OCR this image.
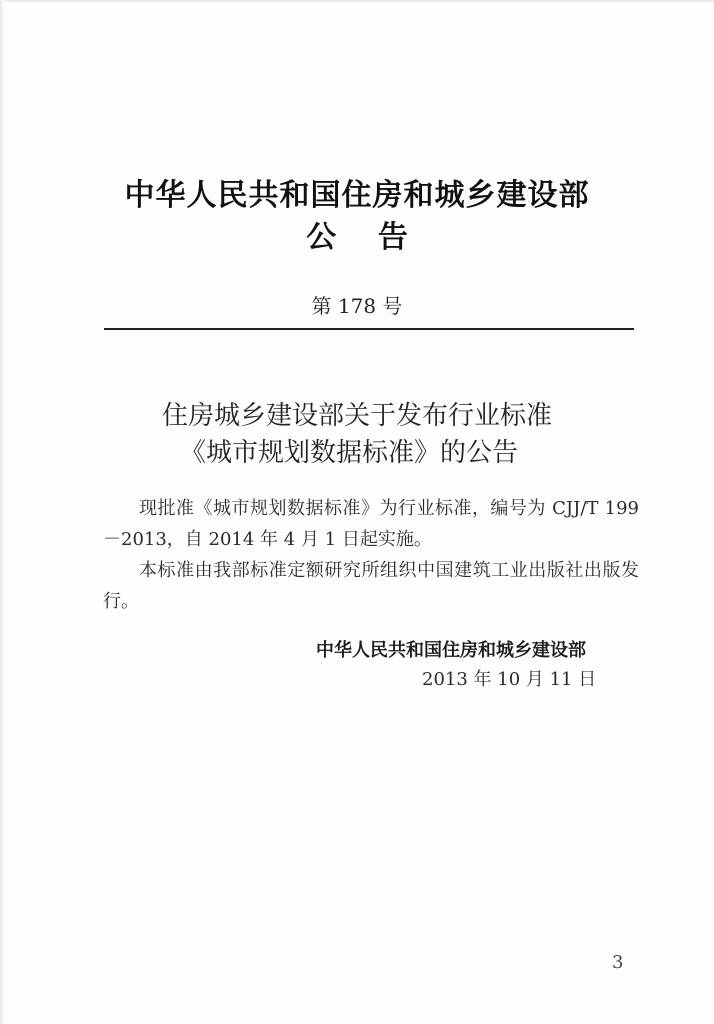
中华人民共和国住房和城乡建设部
公    告
第 178 号
住房城乡建设部关于发布行业标准
《城市规划数据标准》的公告
现批准《城市规划数据标准》为行业标准，编号为 CJJ/T 199－2013，自 2014 年 4 月 1 日起实施。
本标准由我部标准定额研究所组织中国建筑工业出版社出版发行。
中华人民共和国住房和城乡建设部
2013 年 10 月 11 日
3
